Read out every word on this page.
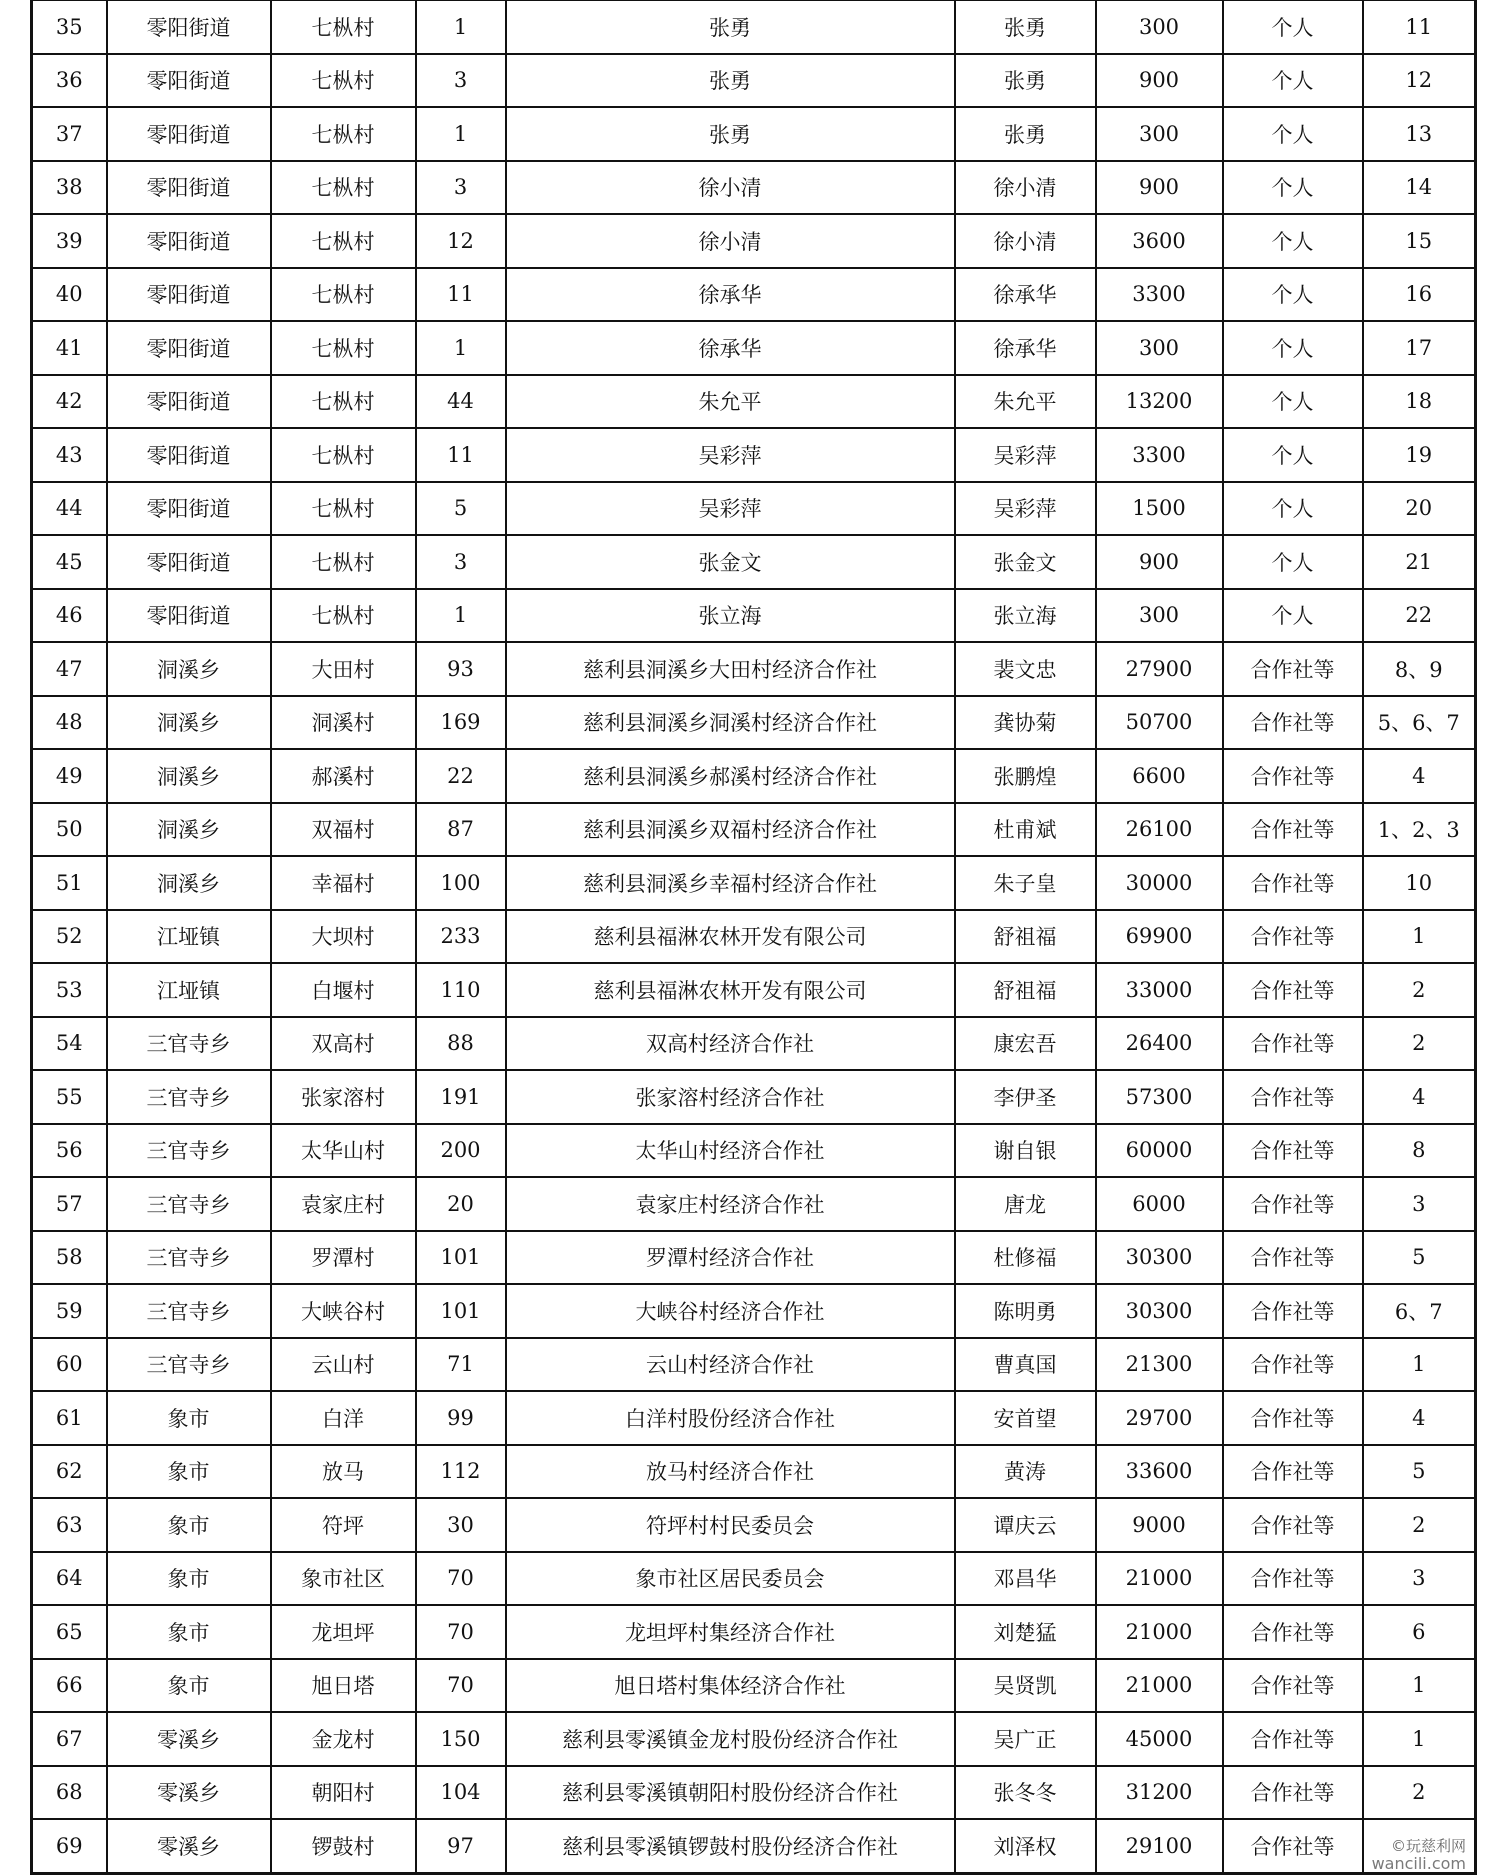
35	零阳街道	七枞村	1	张勇	张勇	300	个人	11
36	零阳街道	七枞村	3	张勇	张勇	900	个人	12
37	零阳街道	七枞村	1	张勇	张勇	300	个人	13
38	零阳街道	七枞村	3	徐小清	徐小清	900	个人	14
39	零阳街道	七枞村	12	徐小清	徐小清	3600	个人	15
40	零阳街道	七枞村	11	徐承华	徐承华	3300	个人	16
41	零阳街道	七枞村	1	徐承华	徐承华	300	个人	17
42	零阳街道	七枞村	44	朱允平	朱允平	13200	个人	18
43	零阳街道	七枞村	11	吴彩萍	吴彩萍	3300	个人	19
44	零阳街道	七枞村	5	吴彩萍	吴彩萍	1500	个人	20
45	零阳街道	七枞村	3	张金文	张金文	900	个人	21
46	零阳街道	七枞村	1	张立海	张立海	300	个人	22
47	洞溪乡	大田村	93	慈利县洞溪乡大田村经济合作社	裴文忠	27900	合作社等	8、9
48	洞溪乡	洞溪村	169	慈利县洞溪乡洞溪村经济合作社	龚协菊	50700	合作社等	5、6、7
49	洞溪乡	郝溪村	22	慈利县洞溪乡郝溪村经济合作社	张鹏煌	6600	合作社等	4
50	洞溪乡	双福村	87	慈利县洞溪乡双福村经济合作社	杜甫斌	26100	合作社等	1、2、3
51	洞溪乡	幸福村	100	慈利县洞溪乡幸福村经济合作社	朱子皇	30000	合作社等	10
52	江垭镇	大坝村	233	慈利县福淋农林开发有限公司	舒祖福	69900	合作社等	1
53	江垭镇	白堰村	110	慈利县福淋农林开发有限公司	舒祖福	33000	合作社等	2
54	三官寺乡	双高村	88	双高村经济合作社	康宏吾	26400	合作社等	2
55	三官寺乡	张家溶村	191	张家溶村经济合作社	李伊圣	57300	合作社等	4
56	三官寺乡	太华山村	200	太华山村经济合作社	谢自银	60000	合作社等	8
57	三官寺乡	袁家庄村	20	袁家庄村经济合作社	唐龙	6000	合作社等	3
58	三官寺乡	罗潭村	101	罗潭村经济合作社	杜修福	30300	合作社等	5
59	三官寺乡	大峡谷村	101	大峡谷村经济合作社	陈明勇	30300	合作社等	6、7
60	三官寺乡	云山村	71	云山村经济合作社	曹真国	21300	合作社等	1
61	象市	白洋	99	白洋村股份经济合作社	安首望	29700	合作社等	4
62	象市	放马	112	放马村经济合作社	黄涛	33600	合作社等	5
63	象市	符坪	30	符坪村村民委员会	谭庆云	9000	合作社等	2
64	象市	象市社区	70	象市社区居民委员会	邓昌华	21000	合作社等	3
65	象市	龙坦坪	70	龙坦坪村集经济合作社	刘楚猛	21000	合作社等	6
66	象市	旭日塔	70	旭日塔村集体经济合作社	吴贤凯	21000	合作社等	1
67	零溪乡	金龙村	150	慈利县零溪镇金龙村股份经济合作社	吴广正	45000	合作社等	1
68	零溪乡	朝阳村	104	慈利县零溪镇朝阳村股份经济合作社	张冬冬	31200	合作社等	2
69	零溪乡	锣鼓村	97	慈利县零溪镇锣鼓村股份经济合作社	刘泽权	29100	合作社等		©玩慈利网
wancili.com
